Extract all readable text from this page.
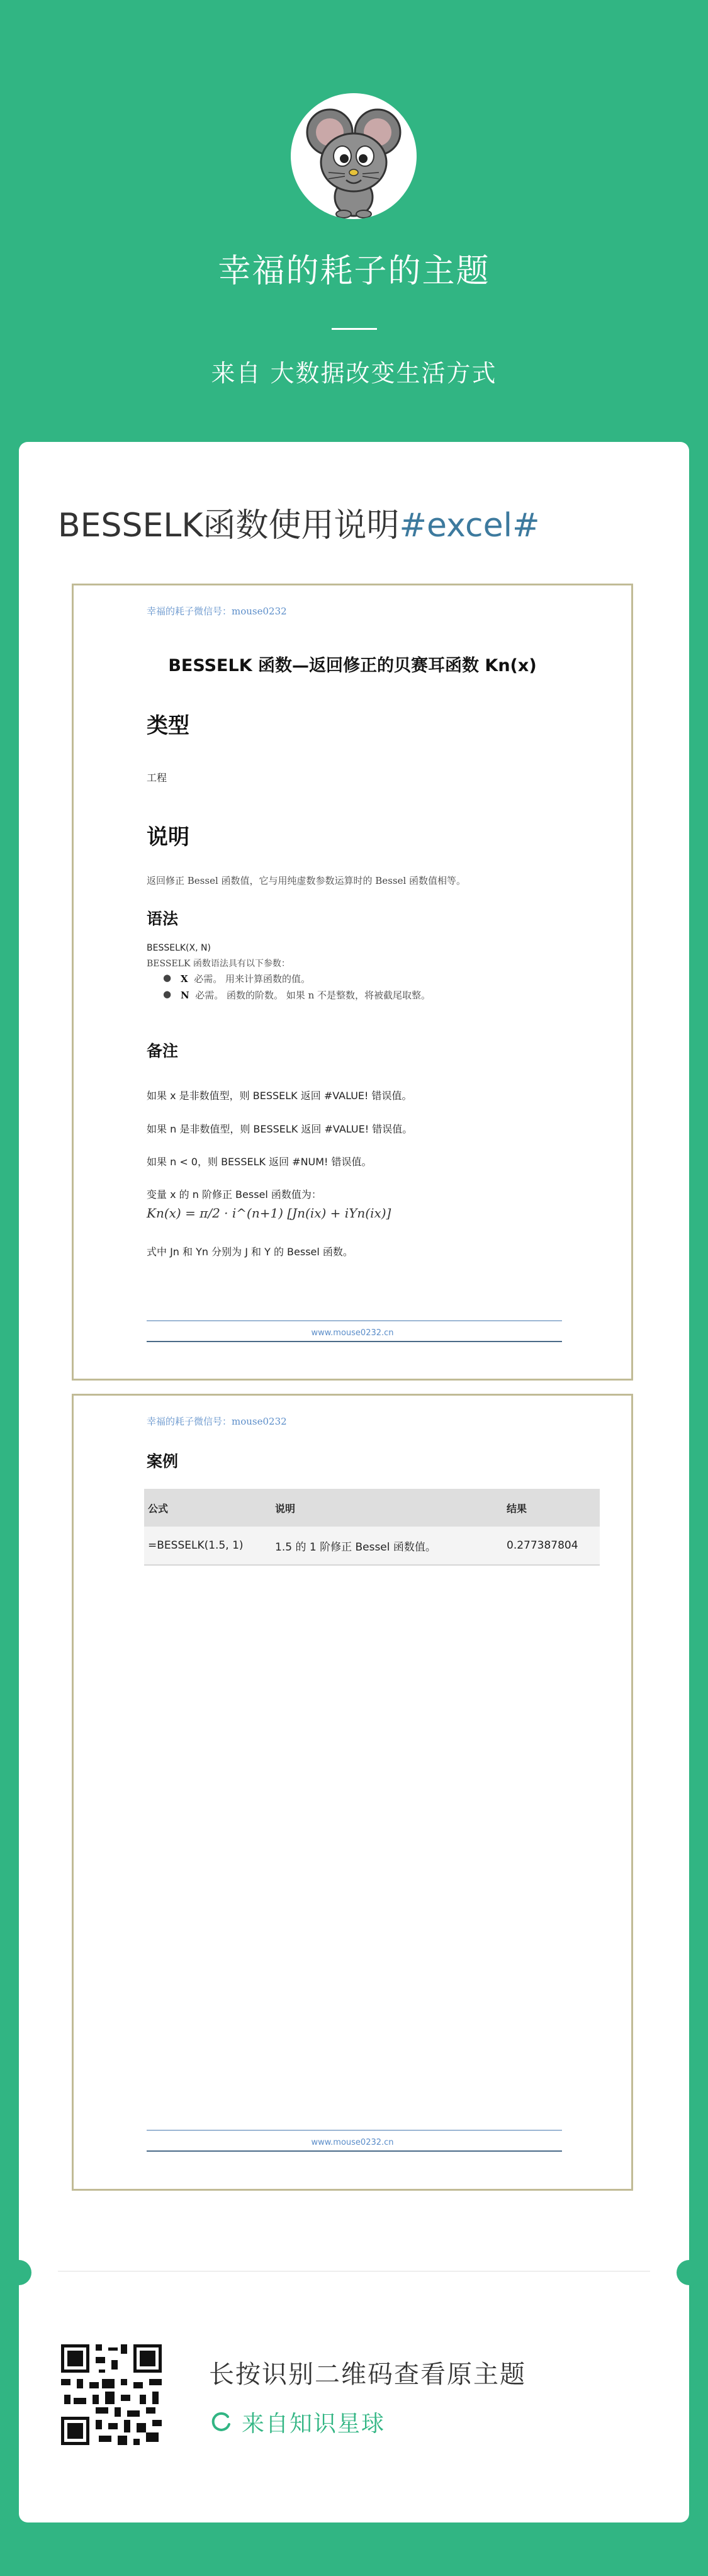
幸福的耗子的主题
来自 大数据改变生活方式
BESSELK函数使用说明#excel#
幸福的耗子微信号：mouse0232
BESSELK 函数—返回修正的贝赛耳函数 Kn(x)
类型
工程
说明
返回修正 Bessel 函数值，它与用纯虚数参数运算时的 Bessel 函数值相等。
语法
BESSELK(X, N)
BESSELK 函数语法具有以下参数：
● X 必需。 用来计算函数的值。
● N 必需。 函数的阶数。 如果 n 不是整数，将被截尾取整。
备注
如果 x 是非数值型，则 BESSELK 返回 #VALUE! 错误值。
如果 n 是非数值型，则 BESSELK 返回 #VALUE! 错误值。
如果 n < 0，则 BESSELK 返回 #NUM! 错误值。
变量 x 的 n 阶修正 Bessel 函数值为：
Kn(x) = π/2 · i^(n+1) [Jn(ix) + iYn(ix)]
式中 Jn 和 Yn 分别为 J 和 Y 的 Bessel 函数。
www.mouse0232.cn
幸福的耗子微信号：mouse0232
案例
公式	说明	结果
=BESSELK(1.5, 1)	1.5 的 1 阶修正 Bessel 函数值。	0.277387804
www.mouse0232.cn
长按识别二维码查看原主题
来自知识星球
